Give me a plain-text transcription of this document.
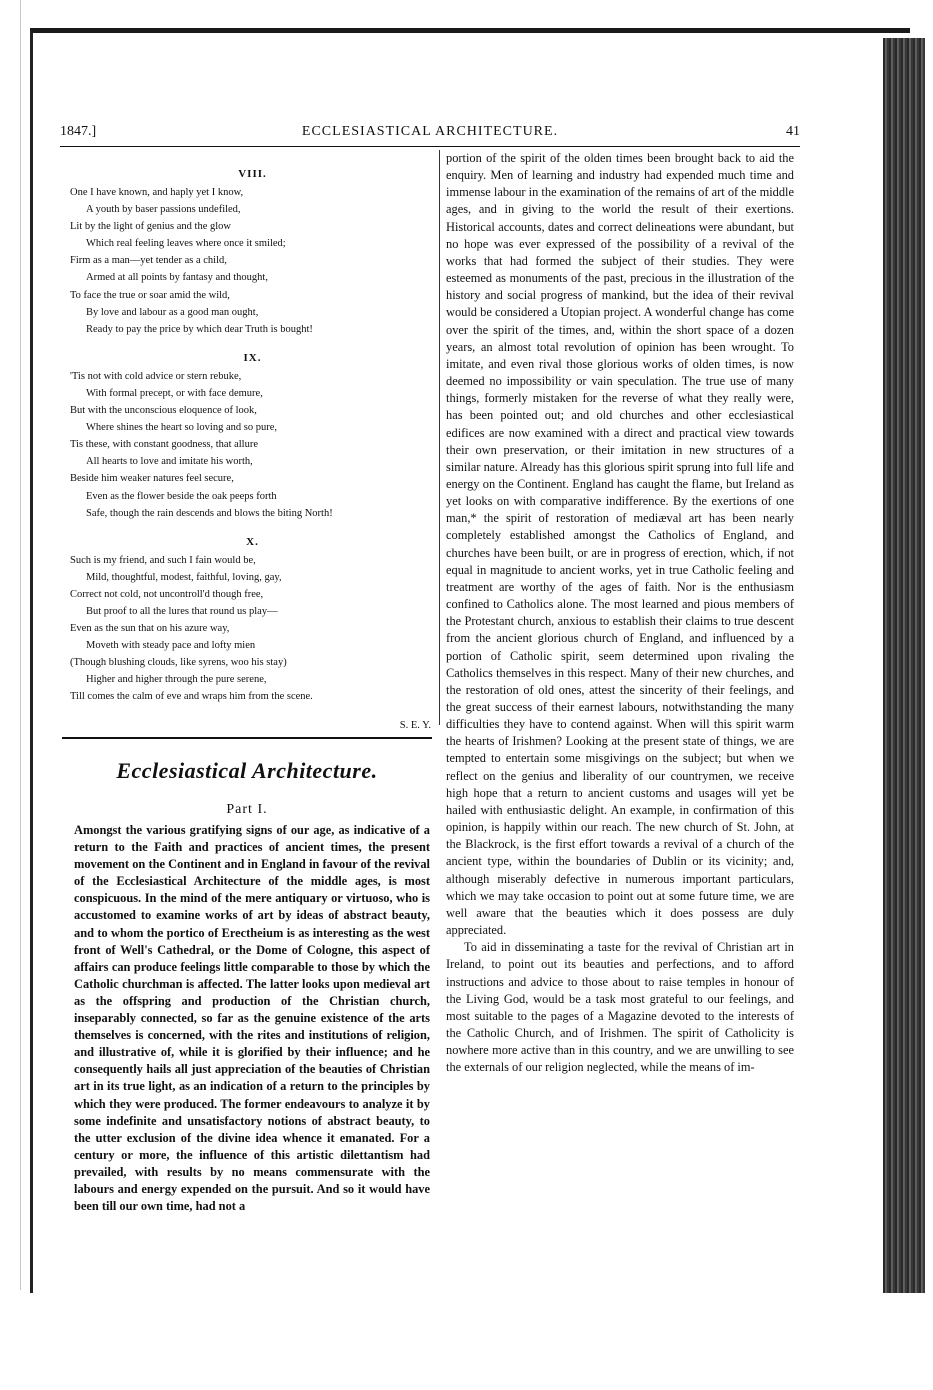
1847.]	ECCLESIASTICAL ARCHITECTURE.	41
VIII.
One I have known, and haply yet I know,
A youth by baser passions undefiled,
Lit by the light of genius and the glow
Which real feeling leaves where once it smiled;
Firm as a man—yet tender as a child,
Armed at all points by fantasy and thought,
To face the true or soar amid the wild,
By love and labour as a good man ought,
Ready to pay the price by which dear Truth is bought!
IX.
'Tis not with cold advice or stern rebuke,
With formal precept, or with face demure,
But with the unconscious eloquence of look,
Where shines the heart so loving and so pure,
Tis these, with constant goodness, that allure
All hearts to love and imitate his worth,
Beside him weaker natures feel secure,
Even as the flower beside the oak peeps forth
Safe, though the rain descends and blows the biting North!
X.
Such is my friend, and such I fain would be,
Mild, thoughtful, modest, faithful, loving, gay,
Correct not cold, not uncontroll'd though free,
But proof to all the lures that round us play—
Even as the sun that on his azure way,
Moveth with steady pace and lofty mien
(Though blushing clouds, like syrens, woo his stay)
Higher and higher through the pure serene,
Till comes the calm of eve and wraps him from the scene.
S. E. Y.
Ecclesiastical Architecture.
Part I.
Amongst the various gratifying signs of our age, as indicative of a return to the Faith and practices of ancient times, the present movement on the Continent and in England in favour of the revival of the Ecclesiastical Architecture of the middle ages, is most conspicuous. In the mind of the mere antiquary or virtuoso, who is accustomed to examine works of art by ideas of abstract beauty, and to whom the portico of Erectheium is as interesting as the west front of Well's Cathedral, or the Dome of Cologne, this aspect of affairs can produce feelings little comparable to those by which the Catholic churchman is affected. The latter looks upon medieval art as the offspring and production of the Christian church, inseparably connected, so far as the genuine existence of the arts themselves is concerned, with the rites and institutions of religion, and illustrative of, while it is glorified by their influence; and he consequently hails all just appreciation of the beauties of Christian art in its true light, as an indication of a return to the principles by which they were produced. The former endeavours to analyze it by some indefinite and unsatisfactory notions of abstract beauty, to the utter exclusion of the divine idea whence it emanated. For a century or more, the influence of this artistic dilettantism had prevailed, with results by no means commensurate with the labours and energy expended on the pursuit. And so it would have been till our own time, had not a

portion of the spirit of the olden times been brought back to aid the enquiry. Men of learning and industry had expended much time and immense labour in the examination of the remains of art of the middle ages, and in giving to the world the result of their exertions. Historical accounts, dates and correct delineations were abundant, but no hope was ever expressed of the possibility of a revival of the works that had formed the subject of their studies. They were esteemed as monuments of the past, precious in the illustration of the history and social progress of mankind, but the idea of their revival would be considered a Utopian project. A wonderful change has come over the spirit of the times, and, within the short space of a dozen years, an almost total revolution of opinion has been wrought. To imitate, and even rival those glorious works of olden times, is now deemed no impossibility or vain speculation. The true use of many things, formerly mistaken for the reverse of what they really were, has been pointed out; and old churches and other ecclesiastical edifices are now examined with a direct and practical view towards their own preservation, or their imitation in new structures of a similar nature. Already has this glorious spirit sprung into full life and energy on the Continent. England has caught the flame, but Ireland as yet looks on with comparative indifference. By the exertions of one man,* the spirit of restoration of mediæval art has been nearly completely established amongst the Catholics of England, and churches have been built, or are in progress of erection, which, if not equal in magnitude to ancient works, yet in true Catholic feeling and treatment are worthy of the ages of faith. Nor is the enthusiasm confined to Catholics alone. The most learned and pious members of the Protestant church, anxious to establish their claims to true descent from the ancient glorious church of England, and influenced by a portion of Catholic spirit, seem determined upon rivaling the Catholics themselves in this respect. Many of their new churches, and the restoration of old ones, attest the sincerity of their feelings, and the great success of their earnest labours, notwithstanding the many difficulties they have to contend against. When will this spirit warm the hearts of Irishmen? Looking at the present state of things, we are tempted to entertain some misgivings on the subject; but when we reflect on the genius and liberality of our countrymen, we receive high hope that a return to ancient customs and usages will yet be hailed with enthusiastic delight. An example, in confirmation of this opinion, is happily within our reach. The new church of St. John, at the Blackrock, is the first effort towards a revival of a church of the ancient type, within the boundaries of Dublin or its vicinity; and, although miserably defective in numerous important particulars, which we may take occasion to point out at some future time, we are well aware that the beauties which it does possess are duly appreciated.

To aid in disseminating a taste for the revival of Christian art in Ireland, to point out its beauties and perfections, and to afford instructions and advice to those about to raise temples in honour of the Living God, would be a task most grateful to our feelings, and most suitable to the pages of a Magazine devoted to the interests of the Catholic Church, and of Irishmen. The spirit of Catholicity is nowhere more active than in this country, and we are unwilling to see the externals of our religion neglected, while the means of im-
